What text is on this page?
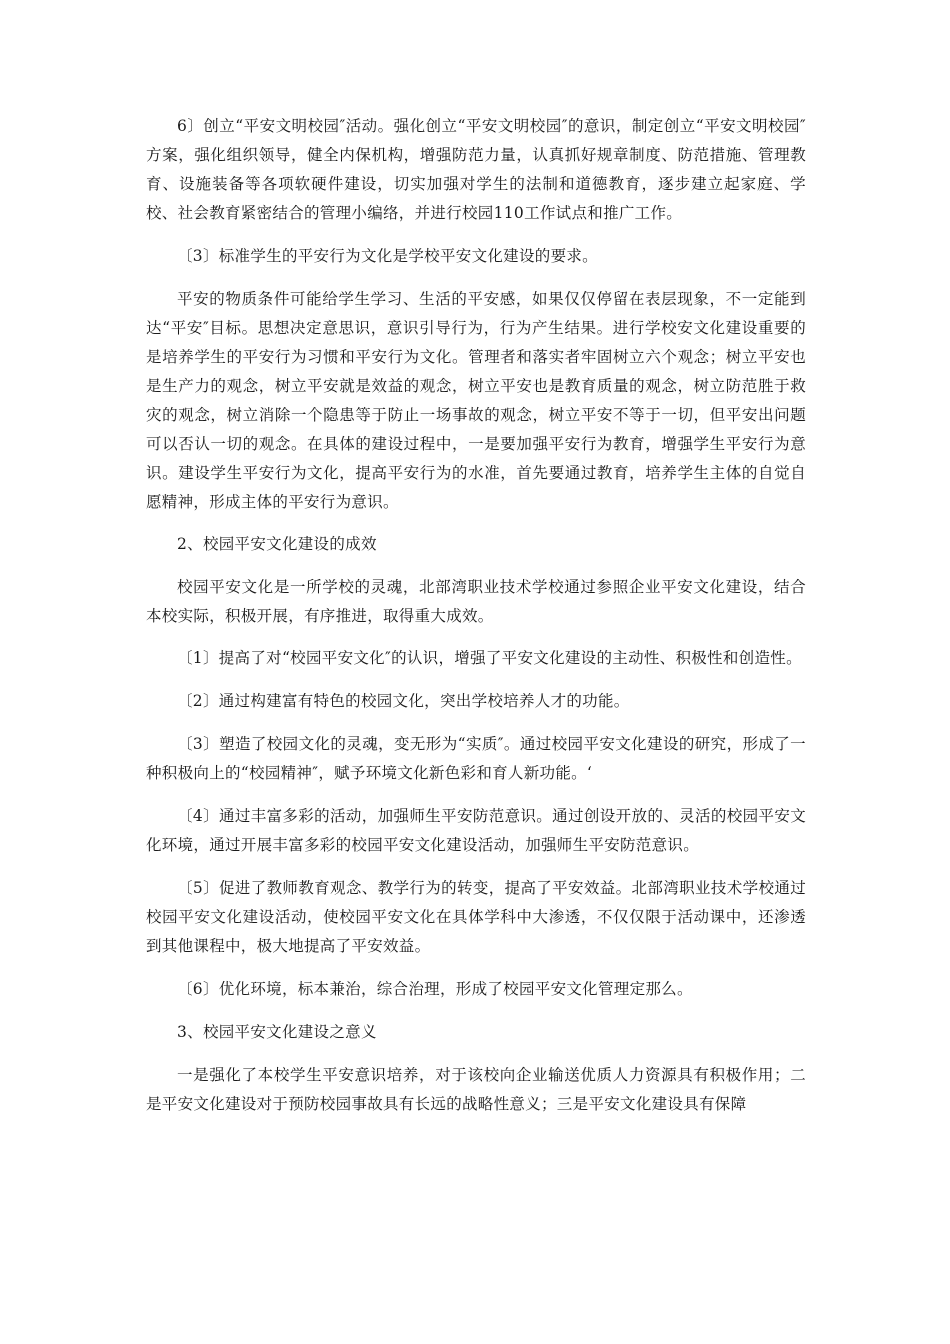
6〕创立“平安文明校园″活动。强化创立“平安文明校园″的意识，制定创立“平安文明校园″方案，强化组织领导，健全内保机构，增强防范力量，认真抓好规章制度、防范措施、管理教育、设施装备等各项软硬件建设，切实加强对学生的法制和道德教育，逐步建立起家庭、学校、社会教育紧密结合的管理小编络，并进行校园110工作试点和推广工作。

〔3〕标准学生的平安行为文化是学校平安文化建设的要求。

平安的物质条件可能给学生学习、生活的平安感，如果仅仅停留在表层现象，不一定能到达“平安″目标。思想决定意思识，意识引导行为，行为产生结果。进行学校安文化建设重要的是培养学生的平安行为习惯和平安行为文化。管理者和落实者牢固树立六个观念；树立平安也是生产力的观念，树立平安就是效益的观念，树立平安也是教育质量的观念，树立防范胜于救灾的观念，树立消除一个隐患等于防止一场事故的观念，树立平安不等于一切，但平安出问题可以否认一切的观念。在具体的建设过程中，一是要加强平安行为教育，增强学生平安行为意识。建设学生平安行为文化，提高平安行为的水准，首先要通过教育，培养学生主体的自觉自愿精神，形成主体的平安行为意识。

2、校园平安文化建设的成效

校园平安文化是一所学校的灵魂，北部湾职业技术学校通过参照企业平安文化建设，结合本校实际，积极开展，有序推进，取得重大成效。

〔1〕提高了对“校园平安文化″的认识，增强了平安文化建设的主动性、积极性和创造性。

〔2〕通过构建富有特色的校园文化，突出学校培养人才的功能。

〔3〕塑造了校园文化的灵魂，变无形为“实质″。通过校园平安文化建设的研究，形成了一种积极向上的“校园精神″，赋予环境文化新色彩和育人新功能。‘

〔4〕通过丰富多彩的活动，加强师生平安防范意识。通过创设开放的、灵活的校园平安文化环境，通过开展丰富多彩的校园平安文化建设活动，加强师生平安防范意识。

〔5〕促进了教师教育观念、教学行为的转变，提高了平安效益。北部湾职业技术学校通过校园平安文化建设活动，使校园平安文化在具体学科中大渗透，不仅仅限于活动课中，还渗透到其他课程中，极大地提高了平安效益。

〔6〕优化环境，标本兼治，综合治理，形成了校园平安文化管理定那么。

3、校园平安文化建设之意义

一是强化了本校学生平安意识培养，对于该校向企业输送优质人力资源具有积极作用；二是平安文化建设对于预防校园事故具有长远的战略性意义；三是平安文化建设具有保障
